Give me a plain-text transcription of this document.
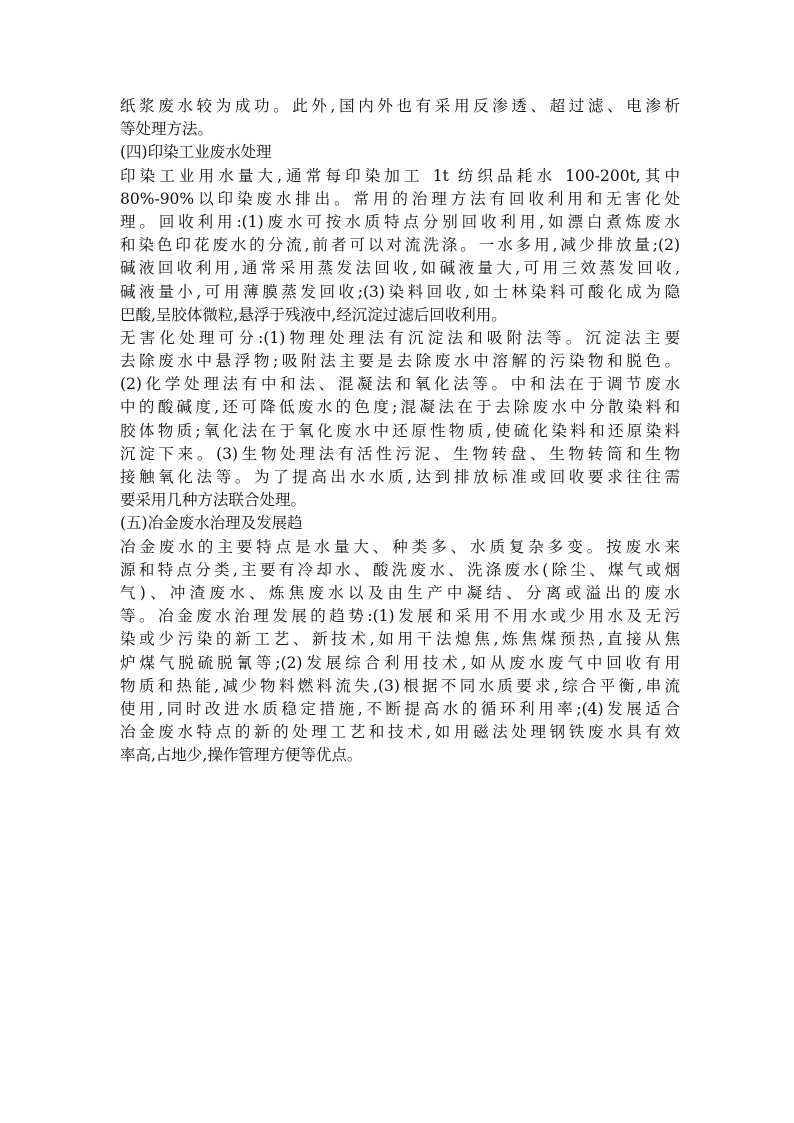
纸浆废水较为成功。此外,国内外也有采用反渗透、超过滤、电渗析
等处理方法。
(四)印染工业废水处理
印染工业用水量大,通常每印染加工 1t 纺织品耗水 100-200t,其中
80%-90%以印染废水排出。常用的治理方法有回收利用和无害化处
理。回收利用:(1)废水可按水质特点分别回收利用,如漂白煮炼废水
和染色印花废水的分流,前者可以对流洗涤。一水多用,减少排放量;(2)
碱液回收利用,通常采用蒸发法回收,如碱液量大,可用三效蒸发回收,
碱液量小,可用薄膜蒸发回收;(3)染料回收,如士林染料可酸化成为隐
巴酸,呈胶体微粒,悬浮于残液中,经沉淀过滤后回收利用。
无害化处理可分:(1)物理处理法有沉淀法和吸附法等。沉淀法主要
去除废水中悬浮物;吸附法主要是去除废水中溶解的污染物和脱色。
(2)化学处理法有中和法、混凝法和氧化法等。中和法在于调节废水
中的酸碱度,还可降低废水的色度;混凝法在于去除废水中分散染料和
胶体物质;氧化法在于氧化废水中还原性物质,使硫化染料和还原染料
沉淀下来。(3)生物处理法有活性污泥、生物转盘、生物转筒和生物
接触氧化法等。为了提高出水水质,达到排放标准或回收要求往往需
要采用几种方法联合处理。
(五)冶金废水治理及发展趋
冶金废水的主要特点是水量大、种类多、水质复杂多变。按废水来
源和特点分类,主要有冷却水、酸洗废水、洗涤废水(除尘、煤气或烟
气)、冲渣废水、炼焦废水以及由生产中凝结、分离或溢出的废水
等。冶金废水治理发展的趋势:(1)发展和采用不用水或少用水及无污
染或少污染的新工艺、新技术,如用干法熄焦,炼焦煤预热,直接从焦
炉煤气脱硫脱氰等;(2)发展综合利用技术,如从废水废气中回收有用
物质和热能,减少物料燃料流失,(3)根据不同水质要求,综合平衡,串流
使用,同时改进水质稳定措施,不断提高水的循环利用率;(4)发展适合
冶金废水特点的新的处理工艺和技术,如用磁法处理钢铁废水具有效
率高,占地少,操作管理方便等优点。
